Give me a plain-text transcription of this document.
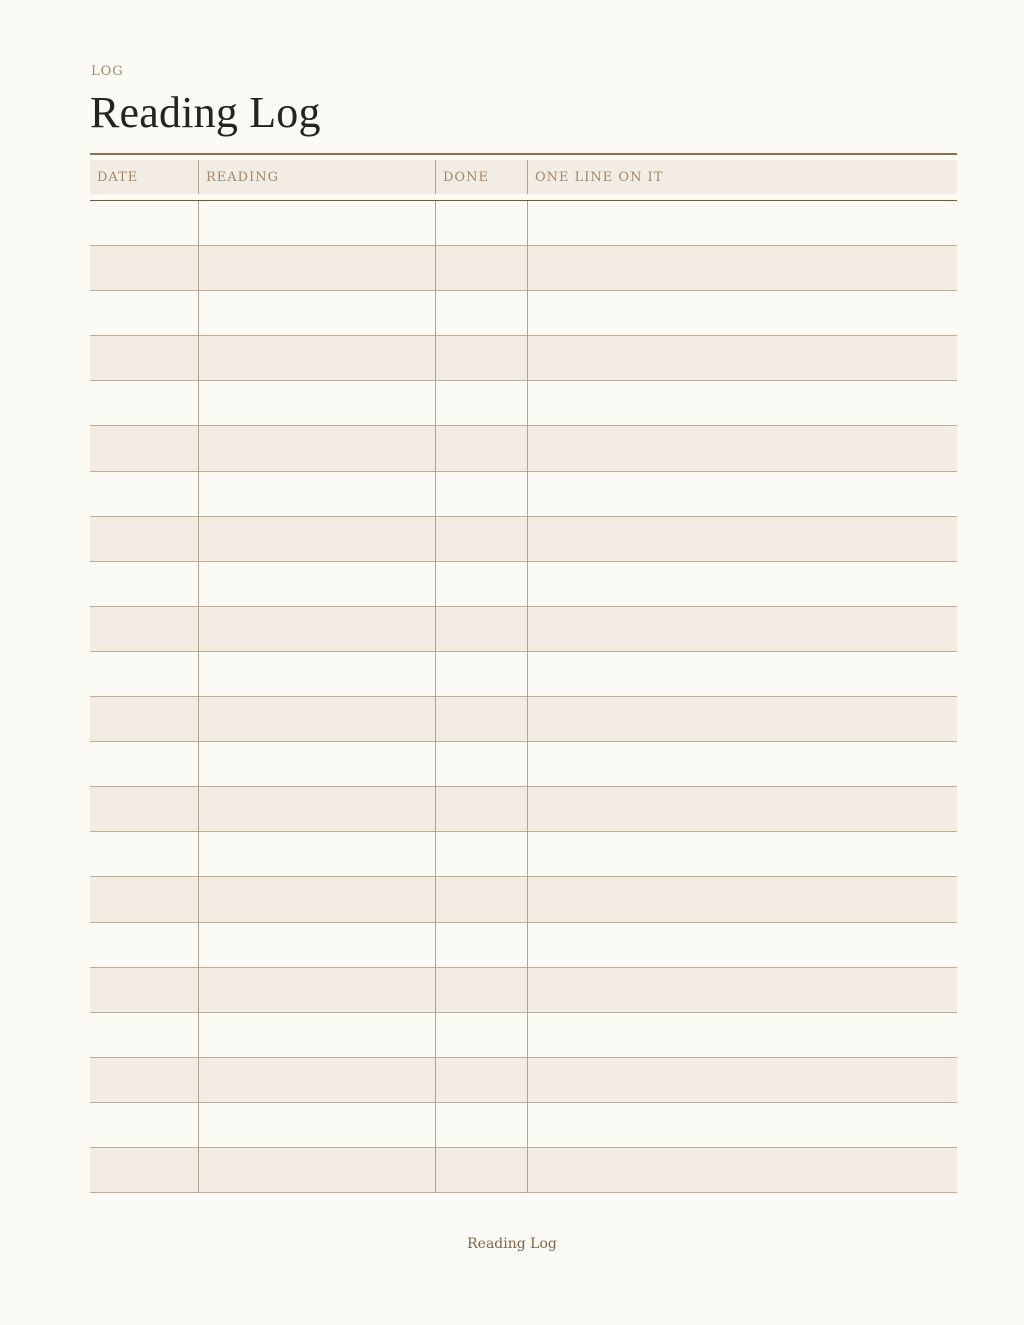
LOG
Reading Log
DATE	READING	DONE	ONE LINE ON IT
Reading Log
